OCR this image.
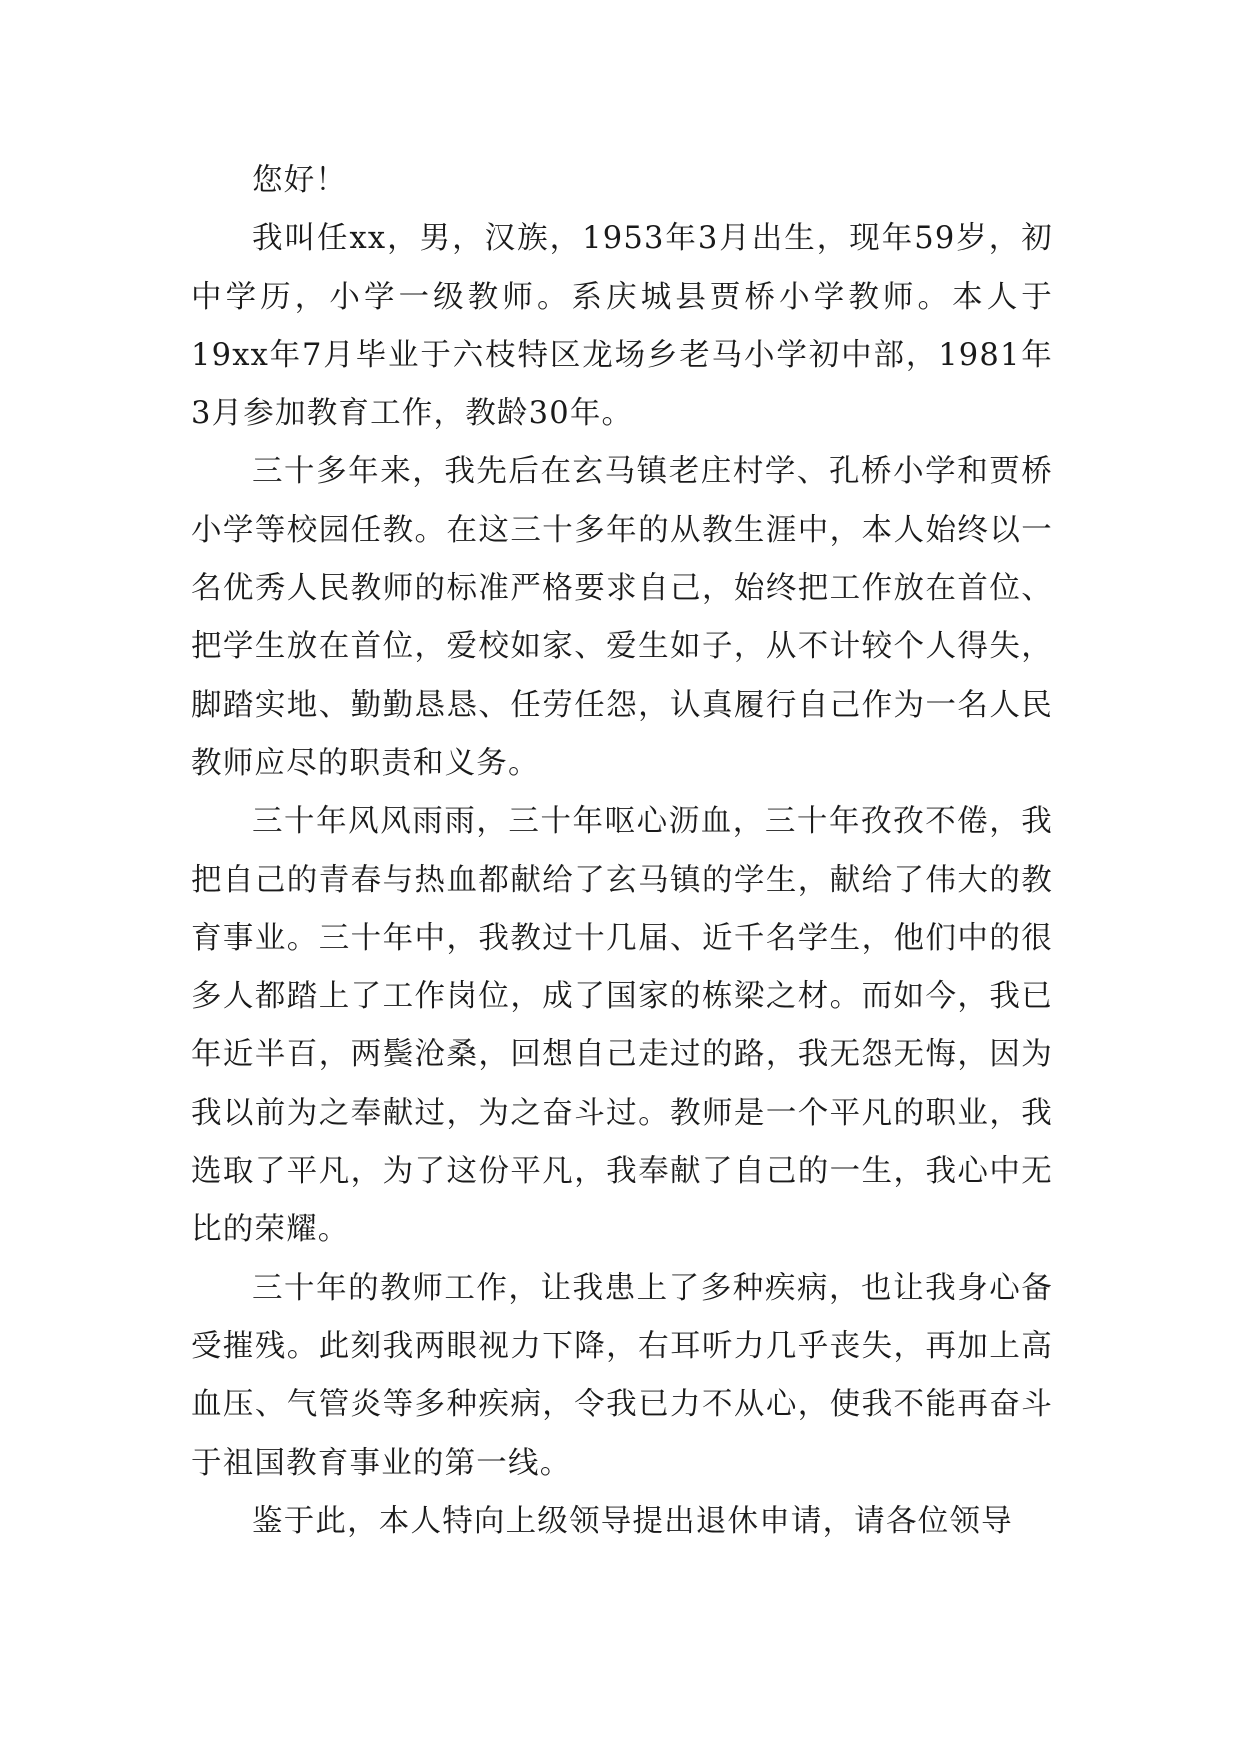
您好！

我叫任xx，男，汉族，1953年3月出生，现年59岁，初中学历，小学一级教师。系庆城县贾桥小学教师。本人于19xx年7月毕业于六枝特区龙场乡老马小学初中部，1981年3月参加教育工作，教龄30年。

三十多年来，我先后在玄马镇老庄村学、孔桥小学和贾桥小学等校园任教。在这三十多年的从教生涯中，本人始终以一名优秀人民教师的标准严格要求自己，始终把工作放在首位、把学生放在首位，爱校如家、爱生如子，从不计较个人得失，脚踏实地、勤勤恳恳、任劳任怨，认真履行自己作为一名人民教师应尽的职责和义务。

三十年风风雨雨，三十年呕心沥血，三十年孜孜不倦，我把自己的青春与热血都献给了玄马镇的学生，献给了伟大的教育事业。三十年中，我教过十几届、近千名学生，他们中的很多人都踏上了工作岗位，成了国家的栋梁之材。而如今，我已年近半百，两鬓沧桑，回想自己走过的路，我无怨无悔，因为我以前为之奉献过，为之奋斗过。教师是一个平凡的职业，我选取了平凡，为了这份平凡，我奉献了自己的一生，我心中无比的荣耀。

三十年的教师工作，让我患上了多种疾病，也让我身心备受摧残。此刻我两眼视力下降，右耳听力几乎丧失，再加上高血压、气管炎等多种疾病，令我已力不从心，使我不能再奋斗于祖国教育事业的第一线。

鉴于此，本人特向上级领导提出退休申请，请各位领导
